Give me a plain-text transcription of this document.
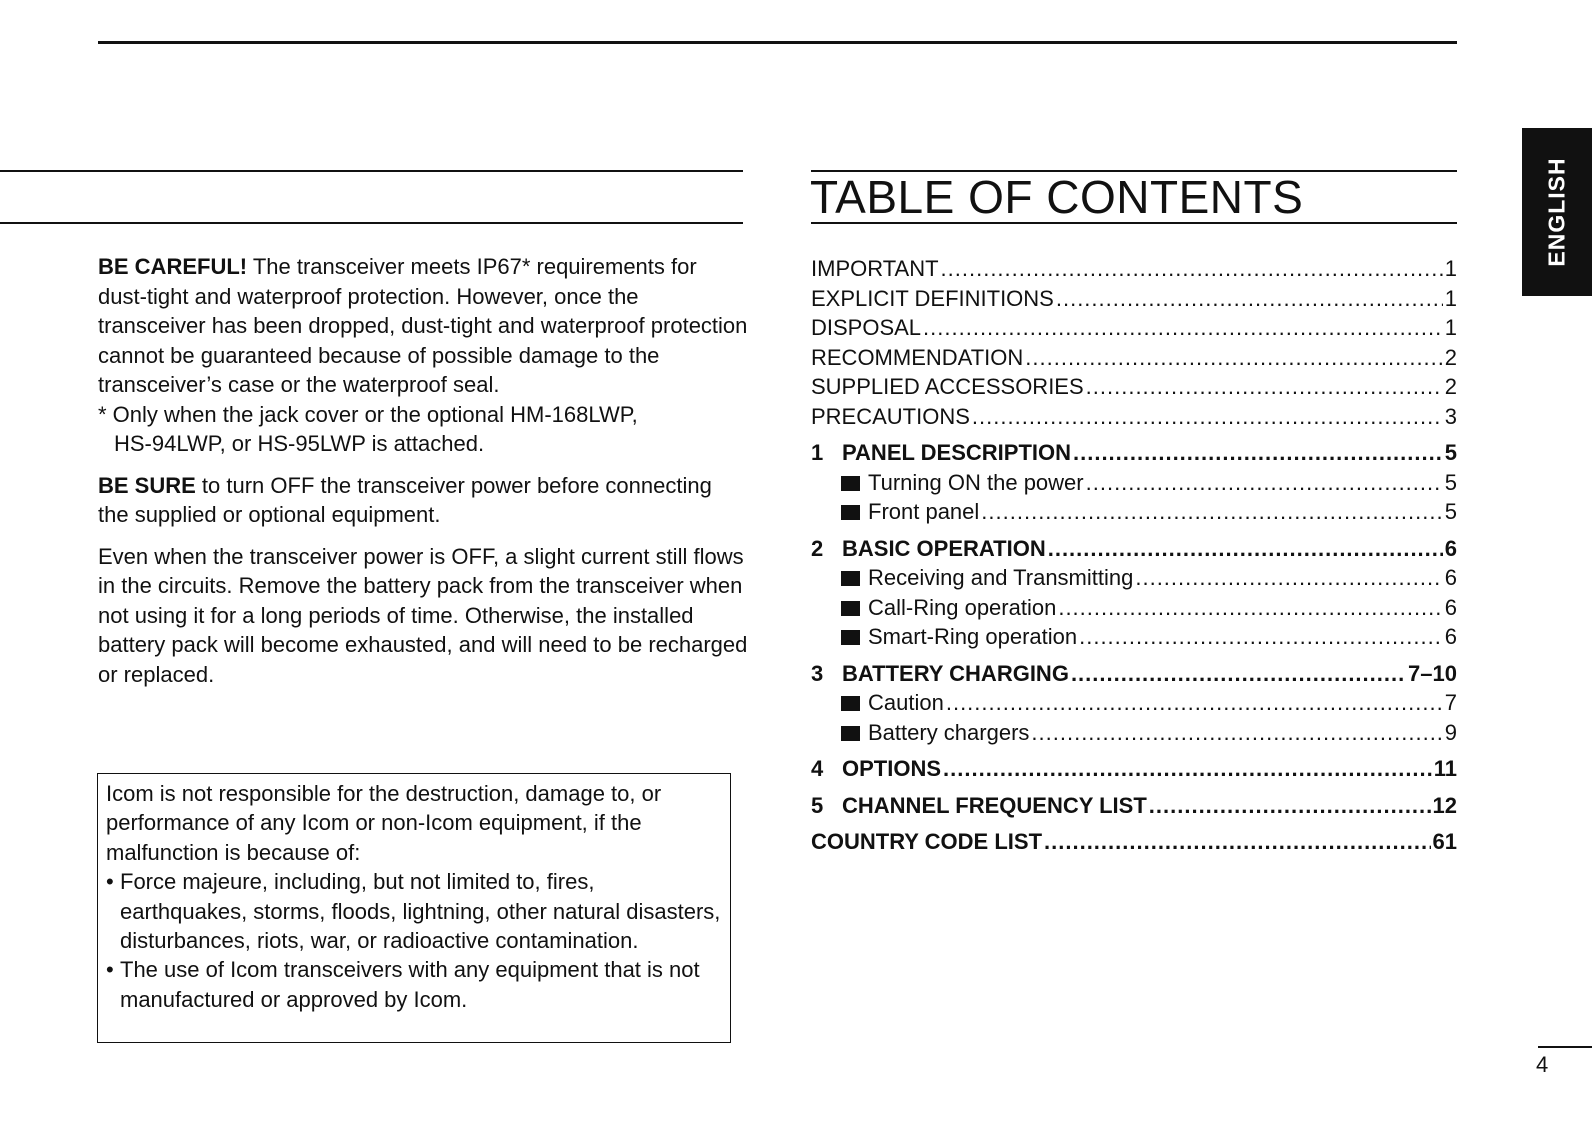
ENGLISH

BE CAREFUL! The transceiver meets IP67* requirements for dust-tight and waterproof protection. However, once the transceiver has been dropped, dust-tight and waterproof protection cannot be guaranteed because of possible damage to the transceiver’s case or the waterproof seal.

* Only when the jack cover or the optional HM-168LWP,

HS-94LWP, or HS-95LWP is attached.

BE SURE to turn OFF the transceiver power before connecting the supplied or optional equipment.

Even when the transceiver power is OFF, a slight current still flows in the circuits. Remove the battery pack from the transceiver when not using it for a long periods of time. Otherwise, the installed battery pack will become exhausted, and will need to be recharged or replaced.

Icom is not responsible for the destruction, damage to, or performance of any Icom or non-Icom equipment, if the malfunction is because of:

• Force majeure, including, but not limited to, fires, earthquakes, storms, floods, lightning, other natural disasters, disturbances, riots, war, or radioactive contamination.
• The use of Icom transceivers with any equipment that is not manufactured or approved by Icom.
TABLE OF CONTENTS
IMPORTANT .....	1
EXPLICIT DEFINITIONS .....	1
DISPOSAL .....	1
RECOMMENDATION .....	2
SUPPLIED ACCESSORIES .....	2
PRECAUTIONS .....	3
1 PANEL DESCRIPTION .....	5
Turning ON the power .....	5
Front panel .....	5
2 BASIC OPERATION .....	6
Receiving and Transmitting .....	6
Call-Ring operation .....	6
Smart-Ring operation .....	6
3 BATTERY CHARGING .....	7–10
Caution .....	7
Battery chargers .....	9
4 OPTIONS .....	11
5 CHANNEL FREQUENCY LIST .....	12
COUNTRY CODE LIST .....	61
4
